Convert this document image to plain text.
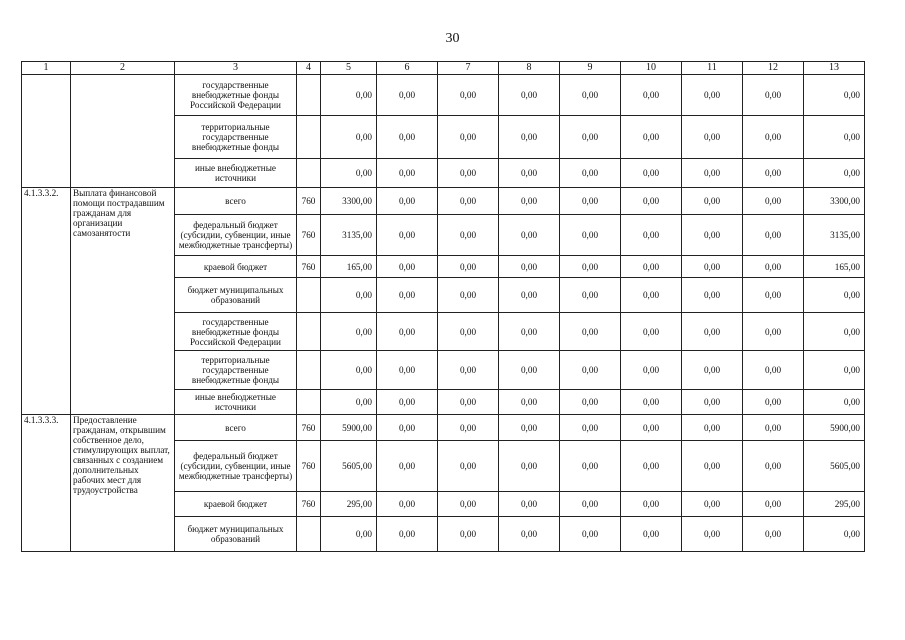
30
1	2	3	4	5	6	7	8	9	10	11	12	13
		государственные внебюджетные фонды Российской Федерации		0,00	0,00	0,00	0,00	0,00	0,00	0,00	0,00	0,00
		территориальные государственные внебюджетные фонды		0,00	0,00	0,00	0,00	0,00	0,00	0,00	0,00	0,00
		иные внебюджетные источники		0,00	0,00	0,00	0,00	0,00	0,00	0,00	0,00	0,00
4.1.3.3.2.	Выплата финансовой помощи пострадавшим гражданам для организации самозанятости	всего	760	3300,00	0,00	0,00	0,00	0,00	0,00	0,00	0,00	3300,00
		федеральный бюджет (субсидии, субвенции, иные межбюджетные трансферты)	760	3135,00	0,00	0,00	0,00	0,00	0,00	0,00	0,00	3135,00
		краевой бюджет	760	165,00	0,00	0,00	0,00	0,00	0,00	0,00	0,00	165,00
		бюджет муниципальных образований		0,00	0,00	0,00	0,00	0,00	0,00	0,00	0,00	0,00
		государственные внебюджетные фонды Российской Федерации		0,00	0,00	0,00	0,00	0,00	0,00	0,00	0,00	0,00
		территориальные государственные внебюджетные фонды		0,00	0,00	0,00	0,00	0,00	0,00	0,00	0,00	0,00
		иные внебюджетные источники		0,00	0,00	0,00	0,00	0,00	0,00	0,00	0,00	0,00
4.1.3.3.3.	Предоставление гражданам, открывшим собственное дело, стимулирующих выплат, связанных с созданием дополнительных рабочих мест для трудоустройства	всего	760	5900,00	0,00	0,00	0,00	0,00	0,00	0,00	0,00	5900,00
		федеральный бюджет (субсидии, субвенции, иные межбюджетные трансферты)	760	5605,00	0,00	0,00	0,00	0,00	0,00	0,00	0,00	5605,00
		краевой бюджет	760	295,00	0,00	0,00	0,00	0,00	0,00	0,00	0,00	295,00
		бюджет муниципальных образований		0,00	0,00	0,00	0,00	0,00	0,00	0,00	0,00	0,00
